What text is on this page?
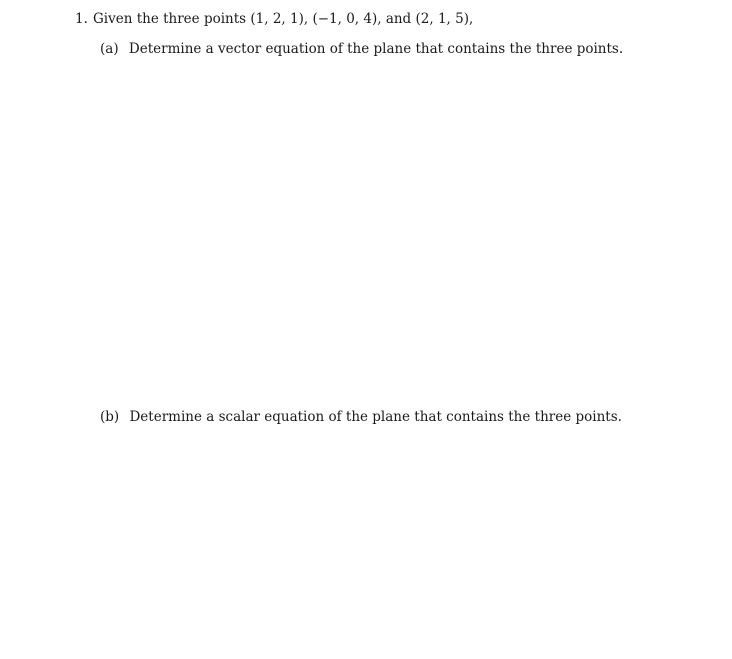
1. Given the three points (1, 2, 1), (−1, 0, 4), and (2, 1, 5),
(a) Determine a vector equation of the plane that contains the three points.
(b) Determine a scalar equation of the plane that contains the three points.
